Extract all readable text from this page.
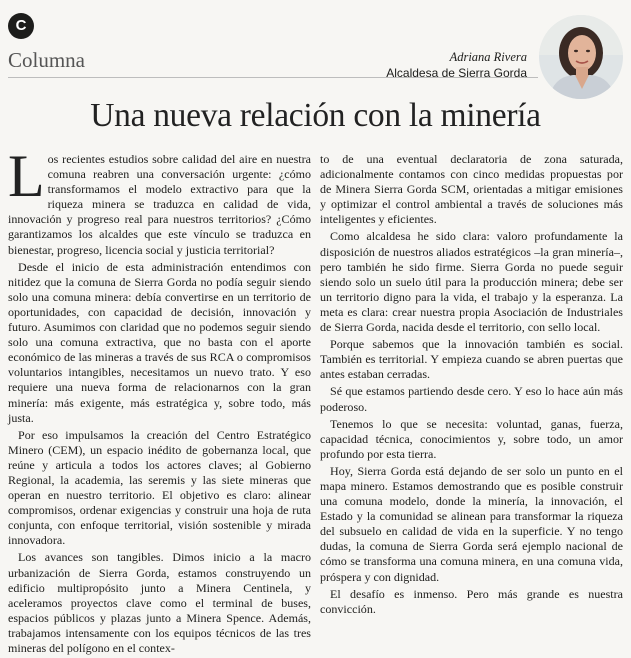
C
Columna	Adriana Rivera
Alcaldesa de Sierra Gorda
Una nueva relación con la minería

Los recientes estudios sobre calidad del aire en nuestra comuna reabren una conversación urgente: ¿cómo transformamos el modelo extractivo para que la riqueza minera se traduzca en calidad de vida, innovación y progreso real para nuestros territorios? ¿Cómo garantizamos los alcaldes que este vínculo se traduzca en bienestar, progreso, licencia social y justicia territorial?

Desde el inicio de esta administración entendimos con nitidez que la comuna de Sierra Gorda no podía seguir siendo solo una comuna minera: debía convertirse en un territorio de oportunidades, con capacidad de decisión, innovación y futuro. Asumimos con claridad que no podemos seguir siendo solo una comuna extractiva, que no basta con el aporte económico de las mineras a través de sus RCA o compromisos voluntarios intangibles, necesitamos un nuevo trato. Y eso requiere una nueva forma de relacionarnos con la gran minería: más exigente, más estratégica y, sobre todo, más justa.

Por eso impulsamos la creación del Centro Estratégico Minero (CEM), un espacio inédito de gobernanza local, que reúne y articula a todos los actores claves; al Gobierno Regional, la academia, las seremis y las siete mineras que operan en nuestro territorio. El objetivo es claro: alinear compromisos, ordenar exigencias y construir una hoja de ruta conjunta, con enfoque territorial, visión sostenible y mirada innovadora.

Los avances son tangibles. Dimos inicio a la macro urbanización de Sierra Gorda, estamos construyendo un edificio multipropósito junto a Minera Centinela, y aceleramos proyectos clave como el terminal de buses, espacios públicos y plazas junto a Minera Spence. Además, trabajamos intensamente con los equipos técnicos de las tres mineras del polígono en el contex-

to de una eventual declaratoria de zona saturada, adicionalmente contamos con cinco medidas propuestas por de Minera Sierra Gorda SCM, orientadas a mitigar emisiones y optimizar el control ambiental a través de soluciones más inteligentes y eficientes.

Como alcaldesa he sido clara: valoro profundamente la disposición de nuestros aliados estratégicos –la gran minería–, pero también he sido firme. Sierra Gorda no puede seguir siendo solo un suelo útil para la producción minera; debe ser un territorio digno para la vida, el trabajo y la esperanza. La meta es clara: crear nuestra propia Asociación de Industriales de Sierra Gorda, nacida desde el territorio, con sello local.

Porque sabemos que la innovación también es social. También es territorial. Y empieza cuando se abren puertas que antes estaban cerradas.

Sé que estamos partiendo desde cero. Y eso lo hace aún más poderoso.

Tenemos lo que se necesita: voluntad, ganas, fuerza, capacidad técnica, conocimientos y, sobre todo, un amor profundo por esta tierra.

Hoy, Sierra Gorda está dejando de ser solo un punto en el mapa minero. Estamos demostrando que es posible construir una comuna modelo, donde la minería, la innovación, el Estado y la comunidad se alinean para transformar la riqueza del subsuelo en calidad de vida en la superficie. Y no tengo dudas, la comuna de Sierra Gorda será ejemplo nacional de cómo se transforma una comuna minera, en una comuna vida, próspera y con dignidad.

El desafío es inmenso. Pero más grande es nuestra convicción.
